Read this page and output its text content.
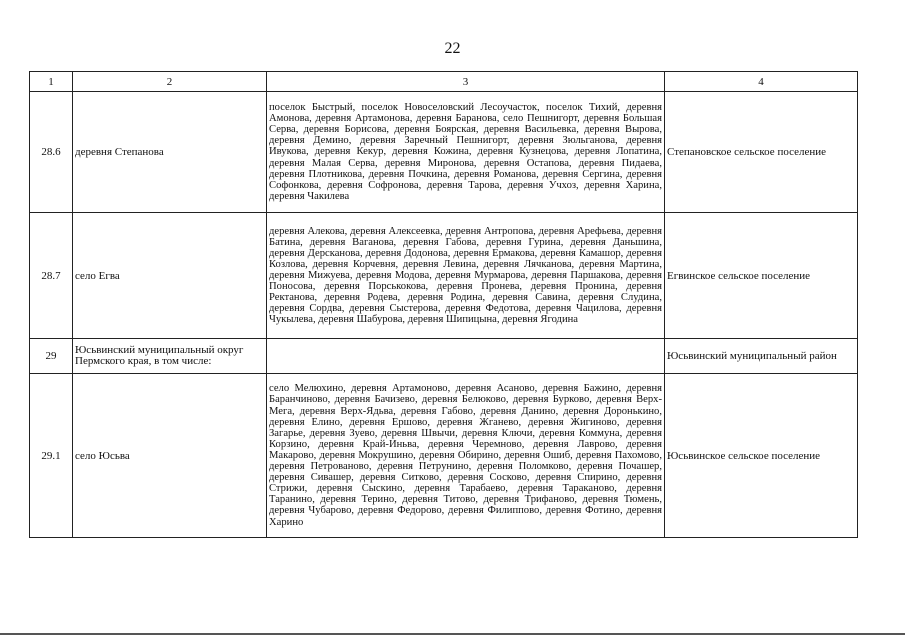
22
1	2	3	4
28.6	деревня Степанова	поселок Быстрый, поселок Новоселовский Лесоучасток, поселок Тихий, деревня Амонова, деревня Артамонова, деревня Баранова, село Пешнигорт, деревня Большая Серва, деревня Борисова, деревня Боярская, деревня Васильевка, деревня Вырова, деревня Демино, деревня Заречный Пешнигорт, деревня Зюльганова, деревня Ивукова, деревня Кекур, деревня Кожина, деревня Кузнецова, деревня Лопатина, деревня Малая Серва, деревня Миронова, деревня Остапова, деревня Пидаева, деревня Плотникова, деревня Почкина, деревня Романова, деревня Сергина, деревня Софонкова, деревня Софронова, деревня Тарова, деревня Учхоз, деревня Харина, деревня Чакилева	Степановское сельское поселение
28.7	село Егва	деревня Алекова, деревня Алексеевка, деревня Антропова, деревня Арефьева, деревня Батина, деревня Ваганова, деревня Габова, деревня Гурина, деревня Даньшина, деревня Дерсканова, деревня Додонова, деревня Ермакова, деревня Камашор, деревня Козлова, деревня Корчевня, деревня Левина, деревня Лячканова, деревня Мартина, деревня Мижуева, деревня Модова, деревня Мурмарова, деревня Паршакова, деревня Поносова, деревня Порськокова, деревня Пронева, деревня Пронина, деревня Ректанова, деревня Родева, деревня Родина, деревня Савина, деревня Слудина, деревня Сордва, деревня Сыстерова, деревня Федотова, деревня Чацилова, деревня Чукылева, деревня Шабурова, деревня Шипицына, деревня Ягодина	Егвинское сельское поселение
29	Юсьвинский муниципальный округ Пермского края, в том числе:		Юсьвинский муниципальный район
29.1	село Юсьва	село Мелюхино, деревня Артамоново, деревня Асаново, деревня Бажино, деревня Баранчиново, деревня Бачизево, деревня Белюково, деревня Бурково, деревня Верх-Мега, деревня Верх-Ядьва, деревня Габово, деревня Данино, деревня Доронькино, деревня Елино, деревня Ершово, деревня Жганево, деревня Жигиново, деревня Загарье, деревня Зуево, деревня Швычи, деревня Ключи, деревня Коммуна, деревня Корзино, деревня Край-Иньва, деревня Черемново, деревня Лаврово, деревня Макарово, деревня Мокрушино, деревня Обирино, деревня Ошиб, деревня Пахомово, деревня Петрованово, деревня Петрунино, деревня Поломково, деревня Почашер, деревня Сивашер, деревня Ситково, деревня Сосково, деревня Спирино, деревня Стрижи, деревня Сыскино, деревня Тарабаево, деревня Тараканово, деревня Таранино, деревня Терино, деревня Титово, деревня Трифаново, деревня Тюмень, деревня Чубарово, деревня Федорово, деревня Филиппово, деревня Фотино, деревня Харино	Юсьвинское сельское поселение
